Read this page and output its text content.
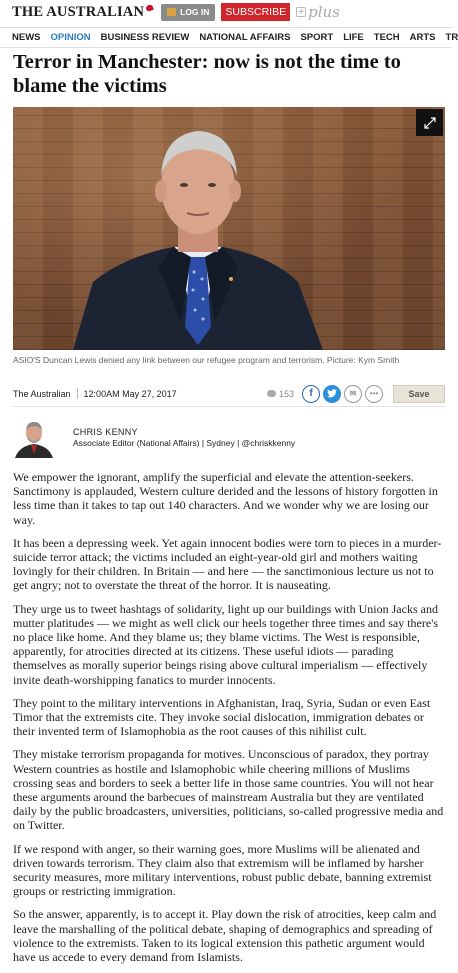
THE AUSTRALIAN	LOG IN	SUBSCRIBE	+ plus
NEWS OPINION BUSINESS REVIEW NATIONAL AFFAIRS SPORT LIFE TECH ARTS TR
Terror in Manchester: now is not the time to blame the victims
ASIO'S Duncan Lewis denied any link between our refugee program and terrorism. Picture: Kym Smith
The Australian 12:00AM May 27, 2017	153	f	✉	•••	Save
CHRIS KENNY
Associate Editor (National Affairs) | Sydney | @chriskkenny

We empower the ignorant, amplify the superficial and elevate the attention-seekers. Sanctimony is applauded, Western culture derided and the lessons of history forgotten in less time than it takes to tap out 140 characters. And we wonder why we are losing our way.

It has been a depressing week. Yet again innocent bodies were torn to pieces in a murder-suicide terror attack; the victims included an eight-year-old girl and mothers waiting lovingly for their children. In Britain — and here — the sanctimonious lecture us not to get angry; not to overstate the threat of the horror. It is nauseating.

They urge us to tweet hashtags of solidarity, light up our buildings with Union Jacks and mutter platitudes — we might as well click our heels together three times and say there's no place like home. And they blame us; they blame victims. The West is responsible, apparently, for atrocities directed at its citizens. These useful idiots — parading themselves as morally superior beings rising above cultural imperialism — effectively invite death-worshipping fanatics to murder innocents.

They point to the military interventions in Afghanistan, Iraq, Syria, Sudan or even East Timor that the extremists cite. They invoke social dislocation, immigration debates or their invented term of Islamophobia as the root causes of this nihilist cult.

They mistake terrorism propaganda for motives. Unconscious of paradox, they portray Western countries as hostile and Islamophobic while cheering millions of Muslims crossing seas and borders to seek a better life in those same countries. You will not hear these arguments around the barbecues of mainstream Australia but they are ventilated daily by the public broadcasters, universities, politicians, so-called progressive media and on Twitter.

If we respond with anger, so their warning goes, more Muslims will be alienated and driven towards terrorism. They claim also that extremism will be inflamed by harsher security measures, more military interventions, robust public debate, banning extremist groups or restricting immigration.

So the answer, apparently, is to accept it. Play down the risk of atrocities, keep calm and leave the marshalling of the political debate, shaping of demographics and spreading of violence to the extremists. Taken to its logical extension this pathetic argument would have us accede to every demand from Islamists.
